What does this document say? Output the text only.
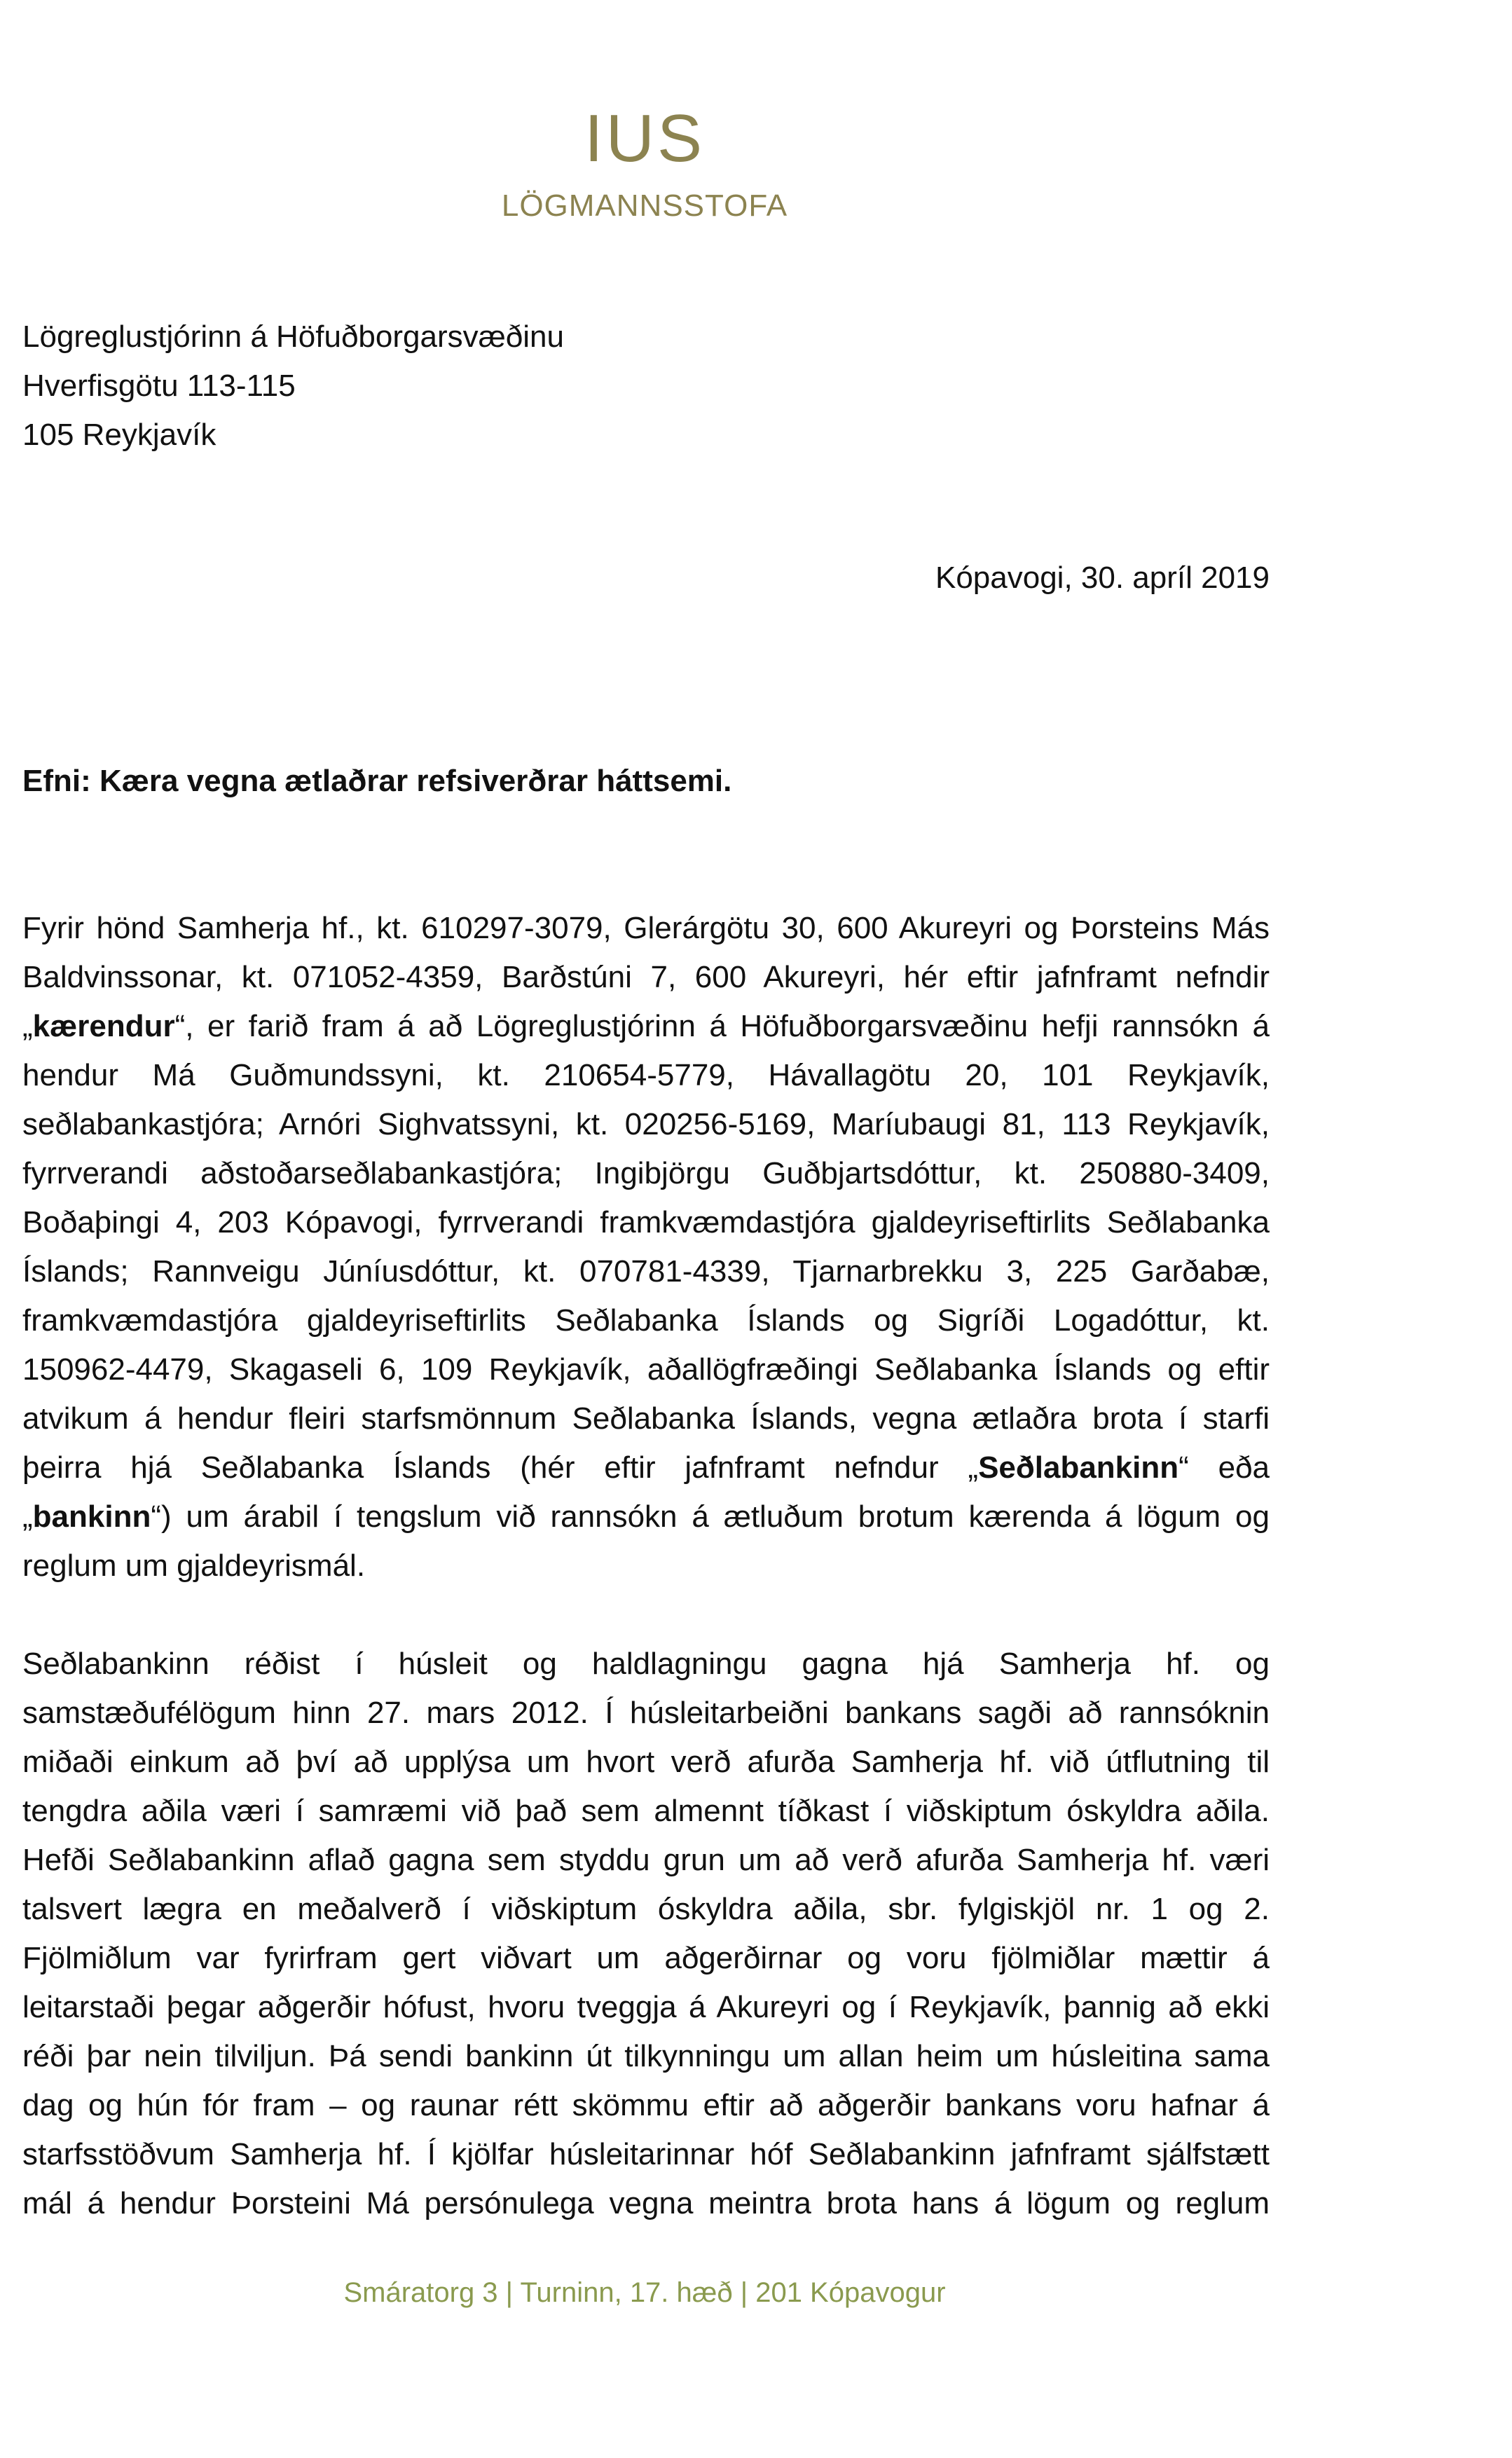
IUS
LÖGMANNSSTOFA
Lögreglustjórinn á Höfuðborgarsvæðinu
Hverfisgötu 113-115
105 Reykjavík
Kópavogi, 30. apríl 2019
Efni: Kæra vegna ætlaðrar refsiverðrar háttsemi.
Fyrir hönd Samherja hf., kt. 610297-3079, Glerárgötu 30, 600 Akureyri og Þorsteins Más
Baldvinssonar, kt. 071052-4359, Barðstúni 7, 600 Akureyri, hér eftir jafnframt nefndir
„kærendur“, er farið fram á að Lögreglustjórinn á Höfuðborgarsvæðinu hefji rannsókn á
hendur Má Guðmundssyni, kt. 210654-5779, Hávallagötu 20, 101 Reykjavík,
seðlabankastjóra; Arnóri Sighvatssyni, kt. 020256-5169, Maríubaugi 81, 113 Reykjavík,
fyrrverandi aðstoðarseðlabankastjóra; Ingibjörgu Guðbjartsdóttur, kt. 250880-3409,
Boðaþingi 4, 203 Kópavogi, fyrrverandi framkvæmdastjóra gjaldeyriseftirlits Seðlabanka
Íslands; Rannveigu Júníusdóttur, kt. 070781-4339, Tjarnarbrekku 3, 225 Garðabæ,
framkvæmdastjóra gjaldeyriseftirlits Seðlabanka Íslands og Sigríði Logadóttur, kt.
150962-4479, Skagaseli 6, 109 Reykjavík, aðallögfræðingi Seðlabanka Íslands og eftir
atvikum á hendur fleiri starfsmönnum Seðlabanka Íslands, vegna ætlaðra brota í starfi
þeirra hjá Seðlabanka Íslands (hér eftir jafnframt nefndur „Seðlabankinn“ eða
„bankinn“) um árabil í tengslum við rannsókn á ætluðum brotum kærenda á lögum og
reglum um gjaldeyrismál.
Seðlabankinn réðist í húsleit og haldlagningu gagna hjá Samherja hf. og
samstæðufélögum hinn 27. mars 2012. Í húsleitarbeiðni bankans sagði að rannsóknin
miðaði einkum að því að upplýsa um hvort verð afurða Samherja hf. við útflutning til
tengdra aðila væri í samræmi við það sem almennt tíðkast í viðskiptum óskyldra aðila.
Hefði Seðlabankinn aflað gagna sem styddu grun um að verð afurða Samherja hf. væri
talsvert lægra en meðalverð í viðskiptum óskyldra aðila, sbr. fylgiskjöl nr. 1 og 2.
Fjölmiðlum var fyrirfram gert viðvart um aðgerðirnar og voru fjölmiðlar mættir á
leitarstaði þegar aðgerðir hófust, hvoru tveggja á Akureyri og í Reykjavík, þannig að ekki
réði þar nein tilviljun. Þá sendi bankinn út tilkynningu um allan heim um húsleitina sama
dag og hún fór fram – og raunar rétt skömmu eftir að aðgerðir bankans voru hafnar á
starfsstöðvum Samherja hf. Í kjölfar húsleitarinnar hóf Seðlabankinn jafnframt sjálfstætt
mál á hendur Þorsteini Má persónulega vegna meintra brota hans á lögum og reglum
Smáratorg 3 | Turninn, 17. hæð | 201 Kópavogur
